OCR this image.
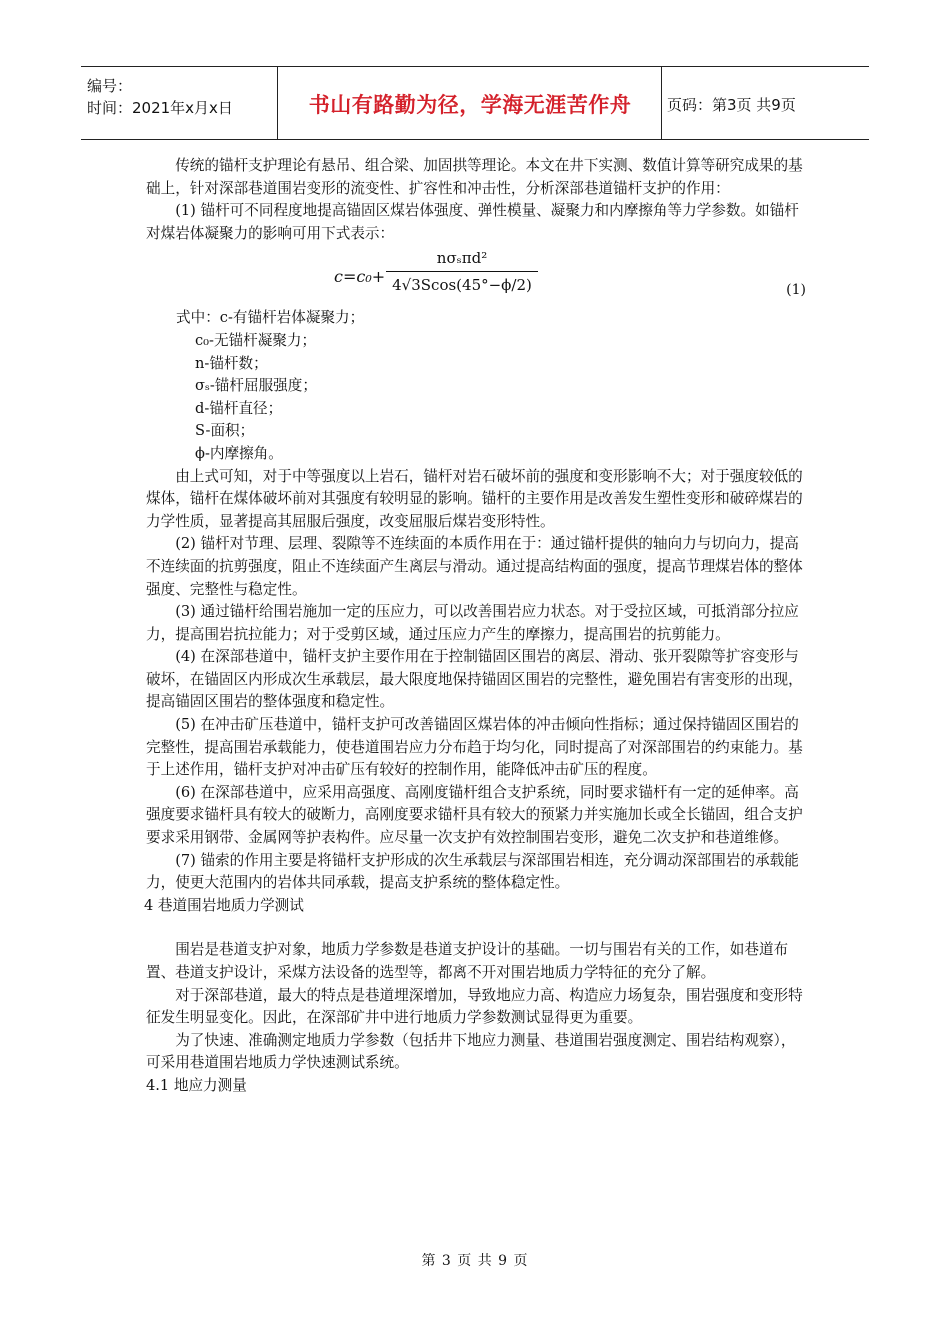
编号：
时间：2021年x月x日	书山有路勤为径，学海无涯苦作舟	页码：第3页 共9页

传统的锚杆支护理论有悬吊、组合梁、加固拱等理论。本文在井下实测、数值计算等研究成果的基础上，针对深部巷道围岩变形的流变性、扩容性和冲击性，分析深部巷道锚杆支护的作用：

(1) 锚杆可不同程度地提高锚固区煤岩体强度、弹性模量、凝聚力和内摩擦角等力学参数。如锚杆对煤岩体凝聚力的影响可用下式表示：

c=c₀+
nσₛπd²
4√3Scos(45°−ϕ/2)	(1)

式中：c-有锚杆岩体凝聚力；

c₀-无锚杆凝聚力；

n-锚杆数；

σₛ-锚杆屈服强度；

d-锚杆直径；

S-面积；

ϕ-内摩擦角。

由上式可知，对于中等强度以上岩石，锚杆对岩石破坏前的强度和变形影响不大；对于强度较低的煤体，锚杆在煤体破坏前对其强度有较明显的影响。锚杆的主要作用是改善发生塑性变形和破碎煤岩的力学性质，显著提高其屈服后强度，改变屈服后煤岩变形特性。

(2) 锚杆对节理、层理、裂隙等不连续面的本质作用在于：通过锚杆提供的轴向力与切向力，提高不连续面的抗剪强度，阻止不连续面产生离层与滑动。通过提高结构面的强度，提高节理煤岩体的整体强度、完整性与稳定性。

(3) 通过锚杆给围岩施加一定的压应力，可以改善围岩应力状态。对于受拉区域，可抵消部分拉应力，提高围岩抗拉能力；对于受剪区域，通过压应力产生的摩擦力，提高围岩的抗剪能力。

(4) 在深部巷道中，锚杆支护主要作用在于控制锚固区围岩的离层、滑动、张开裂隙等扩容变形与破坏，在锚固区内形成次生承载层，最大限度地保持锚固区围岩的完整性，避免围岩有害变形的出现，提高锚固区围岩的整体强度和稳定性。

(5) 在冲击矿压巷道中，锚杆支护可改善锚固区煤岩体的冲击倾向性指标；通过保持锚固区围岩的完整性，提高围岩承载能力，使巷道围岩应力分布趋于均匀化，同时提高了对深部围岩的约束能力。基于上述作用，锚杆支护对冲击矿压有较好的控制作用，能降低冲击矿压的程度。

(6) 在深部巷道中，应采用高强度、高刚度锚杆组合支护系统，同时要求锚杆有一定的延伸率。高强度要求锚杆具有较大的破断力，高刚度要求锚杆具有较大的预紧力并实施加长或全长锚固，组合支护要求采用钢带、金属网等护表构件。应尽量一次支护有效控制围岩变形，避免二次支护和巷道维修。

(7) 锚索的作用主要是将锚杆支护形成的次生承载层与深部围岩相连，充分调动深部围岩的承载能力，使更大范围内的岩体共同承载，提高支护系统的整体稳定性。

4 巷道围岩地质力学测试

围岩是巷道支护对象，地质力学参数是巷道支护设计的基础。一切与围岩有关的工作，如巷道布置、巷道支护设计，采煤方法设备的选型等，都离不开对围岩地质力学特征的充分了解。

对于深部巷道，最大的特点是巷道埋深增加，导致地应力高、构造应力场复杂，围岩强度和变形特征发生明显变化。因此，在深部矿井中进行地质力学参数测试显得更为重要。

为了快速、准确测定地质力学参数（包括井下地应力测量、巷道围岩强度测定、围岩结构观察），可采用巷道围岩地质力学快速测试系统。

4.1 地应力测量

第 3 页 共 9 页
